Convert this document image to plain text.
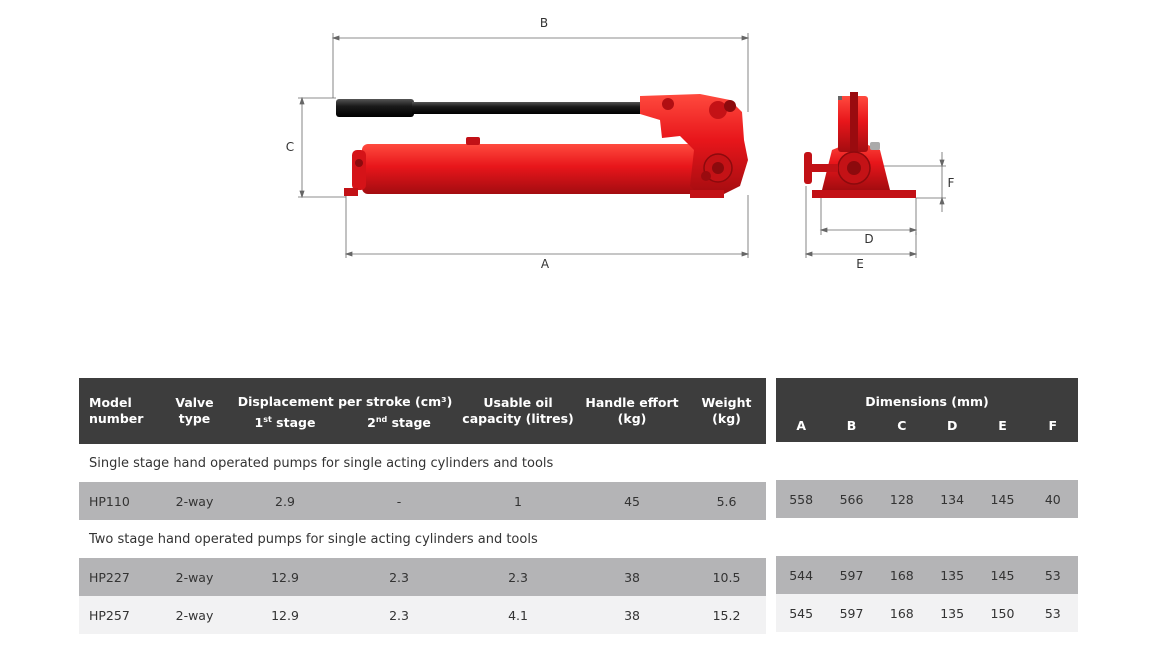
B
A
C
D
E
F
Model number	Valve type	Displacement per stroke (cm³)		Usable oil capacity (litres)	Handle effort (kg)	Weight (kg)
		1st stage	2nd stage			
Single stage hand operated pumps for single acting cylinders and tools						
HP110	2-way	2.9	-	1	45	5.6
Two stage hand operated pumps for single acting cylinders and tools						
HP227	2-way	12.9	2.3	2.3	38	10.5
HP257	2-way	12.9	2.3	4.1	38	15.2
Dimensions (mm)					
A	B	C	D	E	F

558	566	128	134	145	40

544	597	168	135	145	53
545	597	168	135	150	53
